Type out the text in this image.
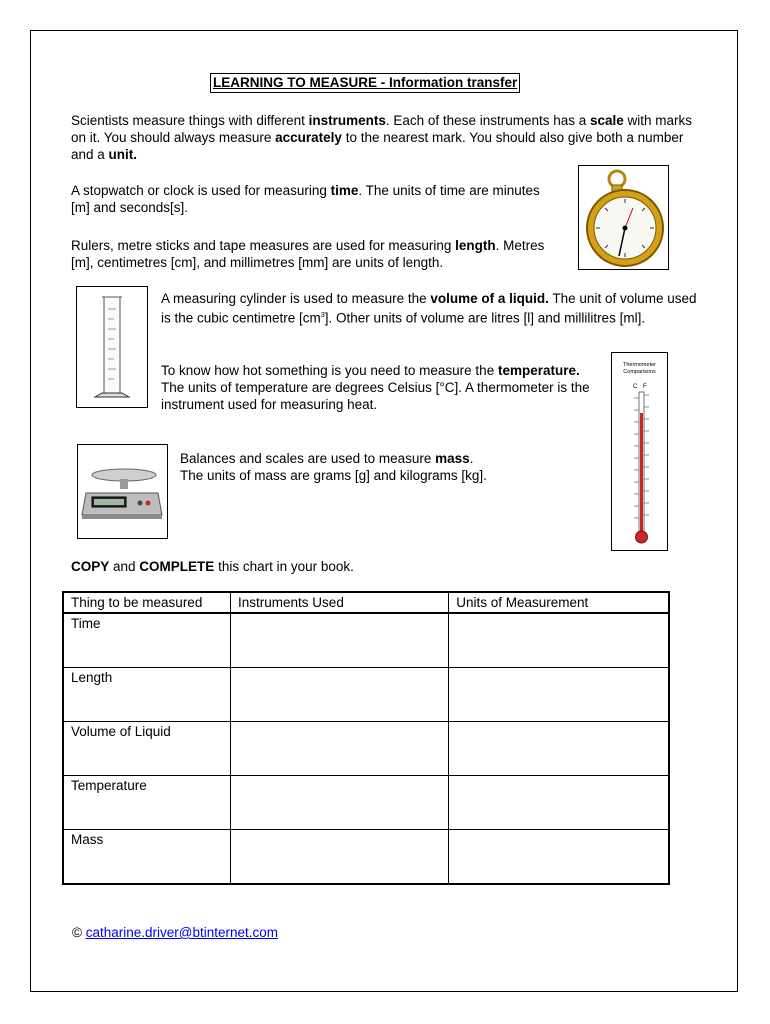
LEARNING TO MEASURE - Information transfer

Scientists measure things with different instruments. Each of these instruments has a scale with marks on it. You should always measure accurately to the nearest mark. You should also give both a number and a unit.

A stopwatch or clock is used for measuring time. The units of time are minutes [m] and seconds[s].

Rulers, metre sticks and tape measures are used for measuring length. Metres [m], centimetres [cm], and millimetres [mm] are units of length.

A measuring cylinder is used to measure the volume of a liquid. The unit of volume used is the cubic centimetre $[cm^3]$. Other units of volume are litres [l] and millilitres [ml].

To know how hot something is you need to measure the temperature. The units of temperature are degrees Celsius [°C]. A thermometer is the instrument used for measuring heat.

Thermometer
Comparisons
C F

Balances and scales are used to measure mass.
The units of mass are grams [g] and kilograms [kg].

COPY and COMPLETE this chart in your book.

Thing to be measured	Instruments Used	Units of Measurement
Time		
Length		
Volume of Liquid		
Temperature		
Mass		
© catharine.driver@btinternet.com
